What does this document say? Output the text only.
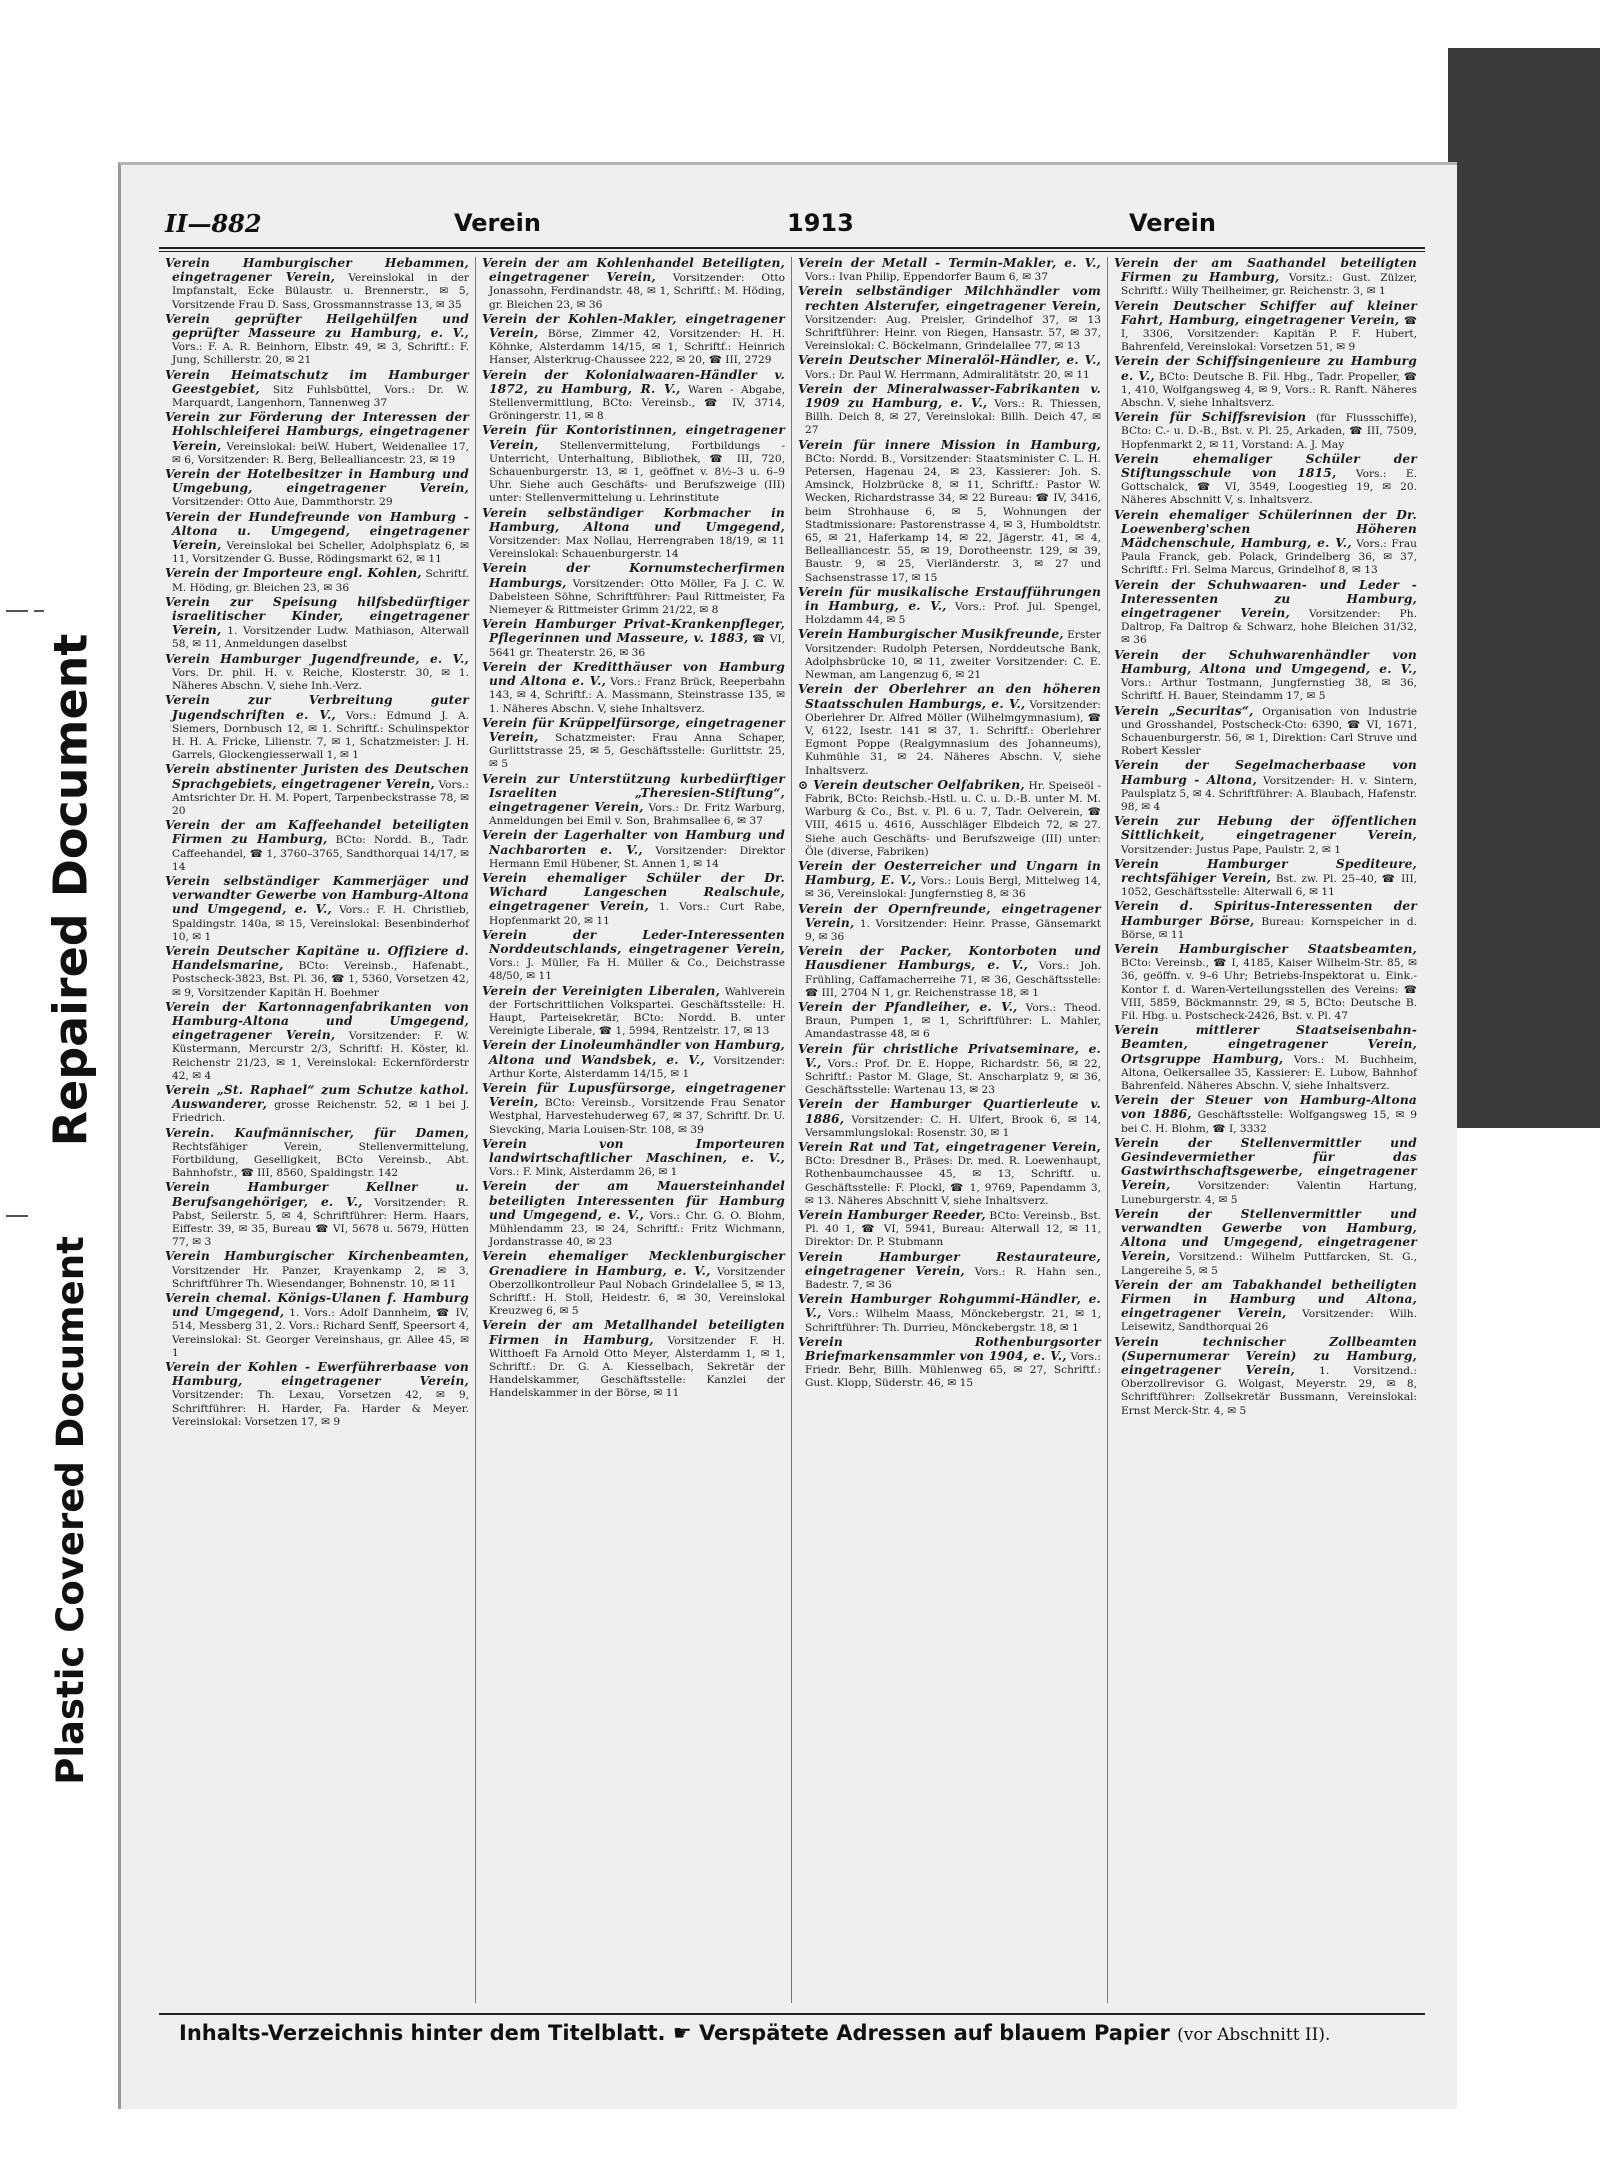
Repaired Document
Plastic Covered Document
II—882	Verein	1913	Verein

Verein Hamburgischer Hebammen, eingetragener Verein, Vereinslokal in der Impfanstalt, Ecke Bülaustr. u. Brennerstr., ✉ 5, Vorsitzende Frau D. Sass, Grossmannstrasse 13, ✉ 35

Verein geprüfter Heilgehülfen und geprüfter Masseure zu Hamburg, e. V., Vors.: F. A. R. Beinhorn, Elbstr. 49, ✉ 3, Schriftf.: F. Jung, Schillerstr. 20, ✉ 21

Verein Heimatschutz im Hamburger Geestgebiet, Sitz Fuhlsbüttel, Vors.: Dr. W. Marquardt, Langenhorn, Tannenweg 37

Verein zur Förderung der Interessen der Hohlschleiferei Hamburgs, eingetragener Verein, Vereinslokal: beiW. Hubert, Weidenallee 17, ✉ 6, Vorsitzender: R. Berg, Bellealliancestr. 23, ✉ 19

Verein der Hotelbesitzer in Hamburg und Umgebung, eingetragener Verein, Vorsitzender: Otto Aue, Dammthorstr. 29

Verein der Hundefreunde von Hamburg - Altona u. Umgegend, eingetragener Verein, Vereinslokal bei Scheller, Adolphsplatz 6, ✉ 11, Vorsitzender G. Busse, Rödingsmarkt 62, ✉ 11

Verein der Importeure engl. Kohlen, Schriftf. M. Höding, gr. Bleichen 23, ✉ 36

Verein zur Speisung hilfsbedürftiger israelitischer Kinder, eingetragener Verein, 1. Vorsitzender Ludw. Mathiason, Alterwall 58, ✉ 11, Anmeldungen daselbst

Verein Hamburger Jugendfreunde, e. V., Vors. Dr. phil. H. v. Reiche, Klosterstr. 30, ✉ 1. Näheres Abschn. V, siehe Inh.-Verz.

Verein zur Verbreitung guter Jugendschriften e. V., Vors.: Edmund J. A. Siemers, Dornbusch 12, ✉ 1. Schriftf.: Schulinspektor H. H. A. Fricke, Lilienstr. 7, ✉ 1, Schatzmeister: J. H. Garrels, Glockengiesserwall 1, ✉ 1

Verein abstinenter Juristen des Deutschen Sprachgebiets, eingetragener Verein, Vors.: Amtsrichter Dr. H. M. Popert, Tarpenbeckstrasse 78, ✉ 20

Verein der am Kaffeehandel beteiligten Firmen zu Hamburg, BCto: Nordd. B., Tadr. Caffeehandel, ☎ 1, 3760–3765, Sandthorquai 14/17, ✉ 14

Verein selbständiger Kammerjäger und verwandter Gewerbe von Hamburg-Altona und Umgegend, e. V., Vors.: F. H. Christlieb, Spaldingstr. 140a, ✉ 15, Vereinslokal: Besenbinderhof 10, ✉ 1

Verein Deutscher Kapitäne u. Offiziere d. Handelsmarine, BCto: Vereinsb., Hafenabt., Postscheck-3823, Bst. Pl. 36, ☎ 1, 5360, Vorsetzen 42, ✉ 9, Vorsitzender Kapitän H. Boehmer

Verein der Kartonnagenfabrikanten von Hamburg-Altona und Umgegend, eingetragener Verein, Vorsitzender: F. W. Küstermann, Mercurstr 2/3, Schriftf: H. Köster, kl. Reichenstr 21/23, ✉ 1, Vereinslokal: Eckernförderstr 42, ✉ 4

Verein „St. Raphael“ zum Schutze kathol. Auswanderer, grosse Reichenstr. 52, ✉ 1 bei J. Friedrich.

Verein. Kaufmännischer, für Damen, Rechtsfähiger Verein, Stellenvermittelung, Fortbildung, Geselligkeit, BCto Vereinsb., Abt. Bahnhofstr., ☎ III, 8560, Spaldingstr. 142

Verein Hamburger Kellner u. Berufsangehöriger, e. V., Vorsitzender: R. Pabst, Seilerstr. 5, ✉ 4, Schriftführer: Herm. Haars, Eiffestr. 39, ✉ 35, Bureau ☎ VI, 5678 u. 5679, Hütten 77, ✉ 3

Verein Hamburgischer Kirchenbeamten, Vorsitzender Hr. Panzer, Krayenkamp 2, ✉ 3, Schriftführer Th. Wiesendanger, Bohnenstr. 10, ✉ 11

Verein chemal. Königs-Ulanen f. Hamburg und Umgegend, 1. Vors.: Adolf Dannheim, ☎ IV, 514, Messberg 31, 2. Vors.: Richard Senff, Speersort 4, Vereinslokal: St. Georger Vereinshaus, gr. Allee 45, ✉ 1

Verein der Kohlen - Ewerführerbaase von Hamburg, eingetragener Verein, Vorsitzender: Th. Lexau, Vorsetzen 42, ✉ 9, Schriftführer: H. Harder, Fa. Harder & Meyer. Vereinslokal: Vorsetzen 17, ✉ 9

Verein der am Kohlenhandel Beteiligten, eingetragener Verein, Vorsitzender: Otto Jonassohn, Ferdinandstr. 48, ✉ 1, Schriftf.: M. Höding, gr. Bleichen 23, ✉ 36

Verein der Kohlen-Makler, eingetragener Verein, Börse, Zimmer 42, Vorsitzender: H. H. Köhnke, Alsterdamm 14/15, ✉ 1, Schriftf.: Heinrich Hanser, Alsterkrug-Chaussee 222, ✉ 20, ☎ III, 2729

Verein der Kolonialwaaren-Händler v. 1872, zu Hamburg, R. V., Waren - Abgabe, Stellenvermittlung, BCto: Vereinsb., ☎ IV, 3714, Gröningerstr. 11, ✉ 8

Verein für Kontoristinnen, eingetragener Verein, Stellenvermittelung, Fortbildungs - Unterricht, Unterhaltung, Bibliothek, ☎ III, 720, Schauenburgerstr. 13, ✉ 1, geöffnet v. 8½–3 u. 6–9 Uhr. Siehe auch Geschäfts- und Berufszweige (III) unter: Stellenvermittelung u. Lehrinstitute

Verein selbständiger Korbmacher in Hamburg, Altona und Umgegend, Vorsitzender: Max Nollau, Herrengraben 18/19, ✉ 11 Vereinslokal: Schauenburgerstr. 14

Verein der Kornumstecherfirmen Hamburgs, Vorsitzender: Otto Möller, Fa J. C. W. Dabelsteen Söhne, Schriftführer: Paul Rittmeister, Fa Niemeyer & Rittmeister Grimm 21/22, ✉ 8

Verein Hamburger Privat-Krankenpfleger, Pflegerinnen und Masseure, v. 1883, ☎ VI, 5641 gr. Theaterstr. 26, ✉ 36

Verein der Kreditthäuser von Hamburg und Altona e. V., Vors.: Franz Brück, Reeperbahn 143, ✉ 4, Schriftf.: A. Massmann, Steinstrasse 135, ✉ 1. Näheres Abschn. V, siehe Inhaltsverz.

Verein für Krüppelfürsorge, eingetragener Verein, Schatzmeister: Frau Anna Schaper, Gurlittstrasse 25, ✉ 5, Geschäftsstelle: Gurlittstr. 25, ✉ 5

Verein zur Unterstützung kurbedürftiger Israeliten „Theresien-Stiftung“, eingetragener Verein, Vors.: Dr. Fritz Warburg, Anmeldungen bei Emil v. Son, Brahmsallee 6, ✉ 37

Verein der Lagerhalter von Hamburg und Nachbarorten e. V., Vorsitzender: Direktor Hermann Emil Hübener, St. Annen 1, ✉ 14

Verein ehemaliger Schüler der Dr. Wichard Langeschen Realschule, eingetragener Verein, 1. Vors.: Curt Rabe, Hopfenmarkt 20, ✉ 11

Verein der Leder-Interessenten Norddeutschlands, eingetragener Verein, Vors.: J. Müller, Fa H. Müller & Co., Deichstrasse 48/50, ✉ 11

Verein der Vereinigten Liberalen, Wahlverein der Fortschrittlichen Volkspartei. Geschäftsstelle: H. Haupt, Parteisekretär, BCto: Nordd. B. unter Vereinigte Liberale, ☎ 1, 5994, Rentzelstr. 17, ✉ 13

Verein der Linoleumhändler von Hamburg, Altona und Wandsbek, e. V., Vorsitzender: Arthur Korte, Alsterdamm 14/15, ✉ 1

Verein für Lupusfürsorge, eingetragener Verein, BCto: Vereinsb., Vorsitzende Frau Senator Westphal, Harvestehuderweg 67, ✉ 37, Schriftf. Dr. U. Sievcking, Maria Louisen-Str. 108, ✉ 39

Verein von Importeuren landwirtschaftlicher Maschinen, e. V., Vors.: F. Mink, Alsterdamm 26, ✉ 1

Verein der am Mauersteinhandel beteiligten Interessenten für Hamburg und Umgegend, e. V., Vors.: Chr. G. O. Blohm, Mühlendamm 23, ✉ 24, Schriftf.: Fritz Wichmann, Jordanstrasse 40, ✉ 23

Verein ehemaliger Mecklenburgischer Grenadiere in Hamburg, e. V., Vorsitzender Oberzollkontrolleur Paul Nobach Grindelallee 5, ✉ 13, Schriftf.: H. Stoll, Heidestr. 6, ✉ 30, Vereinslokal Kreuzweg 6, ✉ 5

Verein der am Metallhandel beteiligten Firmen in Hamburg, Vorsitzender F. H. Witthoeft Fa Arnold Otto Meyer, Alsterdamm 1, ✉ 1, Schriftf.: Dr. G. A. Kiesselbach, Sekretär der Handelskammer, Geschäftsstelle: Kanzlei der Handelskammer in der Börse, ✉ 11

Verein der Metall - Termin-Makler, e. V., Vors.: Ivan Philip, Eppendorfer Baum 6, ✉ 37

Verein selbständiger Milchhändler vom rechten Alsterufer, eingetragener Verein, Vorsitzender: Aug. Preisler, Grindelhof 37, ✉ 13 Schriftführer: Heinr. von Riegen, Hansastr. 57, ✉ 37, Vereinslokal: C. Böckelmann, Grindelallee 77, ✉ 13

Verein Deutscher Mineralöl-Händler, e. V., Vors.: Dr. Paul W. Herrmann, Admiralitätstr. 20, ✉ 11

Verein der Mineralwasser-Fabrikanten v. 1909 zu Hamburg, e. V., Vors.: R. Thiessen, Billh. Deich 8, ✉ 27, Vereinslokal: Billh. Deich 47, ✉ 27

Verein für innere Mission in Hamburg, BCto: Nordd. B., Vorsitzender: Staatsminister C. L. H. Petersen, Hagenau 24, ✉ 23, Kassierer: Joh. S. Amsinck, Holzbrücke 8, ✉ 11, Schriftf.: Pastor W. Wecken, Richardstrasse 34, ✉ 22 Bureau: ☎ IV, 3416, beim Strohhause 6, ✉ 5, Wohnungen der Stadtmissionare: Pastorenstrasse 4, ✉ 3, Humboldtstr. 65, ✉ 21, Haferkamp 14, ✉ 22, Jägerstr. 41, ✉ 4, Bellealliancestr. 55, ✉ 19, Dorotheenstr. 129, ✉ 39, Baustr. 9, ✉ 25, Vierländerstr. 3, ✉ 27 und Sachsenstrasse 17, ✉ 15

Verein für musikalische Erstaufführungen in Hamburg, e. V., Vors.: Prof. Jul. Spengel, Holzdamm 44, ✉ 5

Verein Hamburgischer Musikfreunde, Erster Vorsitzender: Rudolph Petersen, Norddeutsche Bank, Adolphsbrücke 10, ✉ 11, zweiter Vorsitzender: C. E. Newman, am Langenzug 6, ✉ 21

Verein der Oberlehrer an den höheren Staatsschulen Hamburgs, e. V., Vorsitzender: Oberlehrer Dr. Alfred Möller (Wilhelmgymnasium), ☎ V, 6122, Isestr. 141 ✉ 37, 1. Schriftf.: Oberlehrer Egmont Poppe (Realgymnasium des Johanneums), Kuhmühle 31, ✉ 24. Näheres Abschn. V, siehe Inhaltsverz.

⊙ Verein deutscher Oelfabriken, Hr. Speiseöl - Fabrik, BCto: Reichsb.-Hstl. u. C. u. D.-B. unter M. M. Warburg & Co., Bst. v. Pl. 6 u. 7, Tadr. Oelverein, ☎ VIII, 4615 u. 4616, Ausschläger Elbdeich 72, ✉ 27. Siehe auch Geschäfts- und Berufszweige (III) unter: Öle (diverse, Fabriken)

Verein der Oesterreicher und Ungarn in Hamburg, E. V., Vors.: Louis Bergl, Mittelweg 14, ✉ 36, Vereinslokal: Jungfernstieg 8, ✉ 36

Verein der Opernfreunde, eingetragener Verein, 1. Vorsitzender: Heinr. Prasse, Gänsemarkt 9, ✉ 36

Verein der Packer, Kontorboten und Hausdiener Hamburgs, e. V., Vors.: Joh. Frühling, Caffamacherreihe 71, ✉ 36, Geschäftsstelle: ☎ III, 2704 N 1, gr. Reichenstrasse 18, ✉ 1

Verein der Pfandleiher, e. V., Vors.: Theod. Braun, Pumpen 1, ✉ 1, Schriftführer: L. Mahler, Amandastrasse 48, ✉ 6

Verein für christliche Privatseminare, e. V., Vors.: Prof. Dr. E. Hoppe, Richardstr. 56, ✉ 22, Schriftf.: Pastor M. Glage, St. Anscharplatz 9, ✉ 36, Geschäftsstelle: Wartenau 13, ✉ 23

Verein der Hamburger Quartierleute v. 1886, Vorsitzender: C. H. Ulfert, Brook 6, ✉ 14, Versammlungslokal: Rosenstr. 30, ✉ 1

Verein Rat und Tat, eingetragener Verein, BCto: Dresdner B., Präses: Dr. med. R. Loewenhaupt, Rothenbaumchaussee 45, ✉ 13, Schriftf. u. Geschäftsstelle: F. Plockl, ☎ 1, 9769, Papendamm 3, ✉ 13. Näheres Abschnitt V, siehe Inhaltsverz.

Verein Hamburger Reeder, BCto: Vereinsb., Bst. Pl. 40 1, ☎ VI, 5941, Bureau: Alterwall 12, ✉ 11, Direktor: Dr. P. Stubmann

Verein Hamburger Restaurateure, eingetragener Verein, Vors.: R. Hahn sen., Badestr. 7, ✉ 36

Verein Hamburger Rohgummi-Händler, e. V., Vors.: Wilhelm Maass, Mönckebergstr. 21, ✉ 1, Schriftführer: Th. Durrieu, Mönckebergstr. 18, ✉ 1

Verein Rothenburgsorter Briefmarkensammler von 1904, e. V., Vors.: Friedr. Behr, Billh. Mühlenweg 65, ✉ 27, Schriftf.: Gust. Klopp, Süderstr. 46, ✉ 15

Verein der am Saathandel beteiligten Firmen zu Hamburg, Vorsitz.: Gust. Zülzer, Schriftf.: Willy Theilheimer, gr. Reichenstr. 3, ✉ 1

Verein Deutscher Schiffer auf kleiner Fahrt, Hamburg, eingetragener Verein, ☎ I, 3306, Vorsitzender: Kapitän P. F. Hubert, Bahrenfeld, Vereinslokal: Vorsetzen 51, ✉ 9

Verein der Schiffsingenieure zu Hamburg e. V., BCto: Deutsche B. Fil. Hbg., Tadr. Propeller, ☎ 1, 410, Wolfgangsweg 4, ✉ 9, Vors.: R. Ranft. Näheres Abschn. V, siehe Inhaltsverz.

Verein für Schiffsrevision (für Flussschiffe), BCto: C.- u. D.-B., Bst. v. Pl. 25, Arkaden, ☎ III, 7509, Hopfenmarkt 2, ✉ 11, Vorstand: A. J. May

Verein ehemaliger Schüler der Stiftungsschule von 1815, Vors.: E. Gottschalck, ☎ VI, 3549, Loogestieg 19, ✉ 20. Näheres Abschnitt V, s. Inhaltsverz.

Verein ehemaliger Schülerinnen der Dr. Loewenberg'schen Höheren Mädchenschule, Hamburg, e. V., Vors.: Frau Paula Franck, geb. Polack, Grindelberg 36, ✉ 37, Schriftf.: Frl. Selma Marcus, Grindelhof 8, ✉ 13

Verein der Schuhwaaren- und Leder - Interessenten zu Hamburg, eingetragener Verein, Vorsitzender: Ph. Daltrop, Fa Daltrop & Schwarz, hohe Bleichen 31/32, ✉ 36

Verein der Schuhwarenhändler von Hamburg, Altona und Umgegend, e. V., Vors.: Arthur Tostmann, Jungfernstieg 38, ✉ 36, Schriftf. H. Bauer, Steindamm 17, ✉ 5

Verein „Securitas“, Organisation von Industrie und Grosshandel, Postscheck-Cto: 6390, ☎ VI, 1671, Schauenburgerstr. 56, ✉ 1, Direktion: Carl Struve und Robert Kessler

Verein der Segelmacherbaase von Hamburg - Altona, Vorsitzender: H. v. Sintern, Paulsplatz 5, ✉ 4. Schriftführer: A. Blaubach, Hafenstr. 98, ✉ 4

Verein zur Hebung der öffentlichen Sittlichkeit, eingetragener Verein, Vorsitzender: Justus Pape, Paulstr. 2, ✉ 1

Verein Hamburger Spediteure, rechtsfähiger Verein, Bst. zw. Pl. 25–40, ☎ III, 1052, Geschäftsstelle: Alterwall 6, ✉ 11

Verein d. Spiritus-Interessenten der Hamburger Börse, Bureau: Kornspeicher in d. Börse, ✉ 11

Verein Hamburgischer Staatsbeamten, BCto: Vereinsb., ☎ I, 4185, Kaiser Wilhelm-Str. 85, ✉ 36, geöffn. v. 9–6 Uhr; Betriebs-Inspektorat u. Eink.-Kontor f. d. Waren-Verteilungsstellen des Vereins: ☎ VIII, 5859, Böckmannstr. 29, ✉ 5, BCto: Deutsche B. Fil. Hbg. u. Postscheck-2426, Bst. v. Pl. 47

Verein mittlerer Staatseisenbahn-Beamten, eingetragener Verein, Ortsgruppe Hamburg, Vors.: M. Buchheim, Altona, Oelkersallee 35, Kassierer: E. Lubow, Bahnhof Bahrenfeld. Näheres Abschn. V, siehe Inhaltsverz.

Verein der Steuer von Hamburg-Altona von 1886, Geschäftsstelle: Wolfgangsweg 15, ✉ 9 bei C. H. Blohm, ☎ I, 3332

Verein der Stellenvermittler und Gesindevermiether für das Gastwirthschaftsgewerbe, eingetragener Verein,	Vorsitzender: Valentin Hartung, Luneburgerstr. 4, ✉ 5

Verein der Stellenvermittler und verwandten Gewerbe von Hamburg, Altona und Umgegend, eingetragener Verein, Vorsitzend.: Wilhelm Puttfarcken, St. G., Langereihe 5, ✉ 5

Verein der am Tabakhandel betheiligten Firmen in Hamburg und Altona, eingetragener Verein, Vorsitzender: Wilh. Leisewitz, Sandthorquai 26

Verein technischer Zollbeamten (Supernumerar Verein) zu Hamburg, eingetragener Verein, 1. Vorsitzend.: Oberzollrevisor G. Wolgast, Meyerstr. 29, ✉ 8, Schriftführer: Zollsekretär Bussmann, Vereinslokal: Ernst Merck-Str. 4, ✉ 5

Inhalts-Verzeichnis hinter dem Titelblatt. ☛ Verspätete Adressen auf blauem Papier (vor Abschnitt II).
